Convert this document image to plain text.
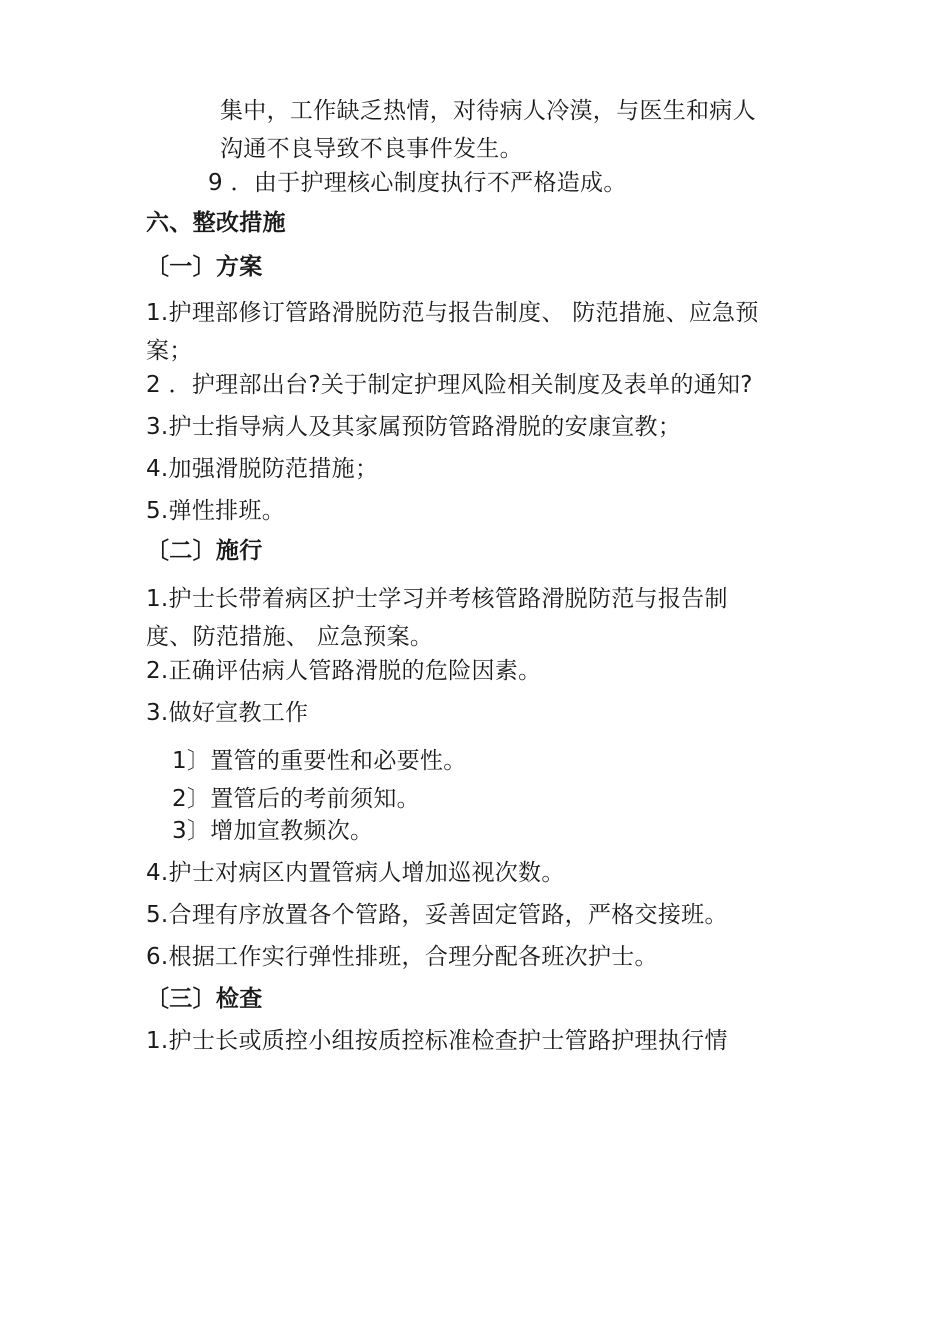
集中，工作缺乏热情，对待病人冷漠，与医生和病人
沟通不良导致不良事件发生。
9 ．由于护理核心制度执行不严格造成。
六、整改措施
〔一〕方案
1.护理部修订管路滑脱防范与报告制度、 防范措施、应急预
案；
2 ．护理部出台?关于制定护理风险相关制度及表单的通知?
3.护士指导病人及其家属预防管路滑脱的安康宣教；
4.加强滑脱防范措施；
5.弹性排班。
〔二〕施行
1.护士长带着病区护士学习并考核管路滑脱防范与报告制
度、防范措施、 应急预案。
2.正确评估病人管路滑脱的危险因素。
3.做好宣教工作
1〕置管的重要性和必要性。
2〕置管后的考前须知。
3〕增加宣教频次。
4.护士对病区内置管病人增加巡视次数。
5.合理有序放置各个管路，妥善固定管路，严格交接班。
6.根据工作实行弹性排班，合理分配各班次护士。
〔三〕检查
1.护士长或质控小组按质控标准检查护士管路护理执行情
